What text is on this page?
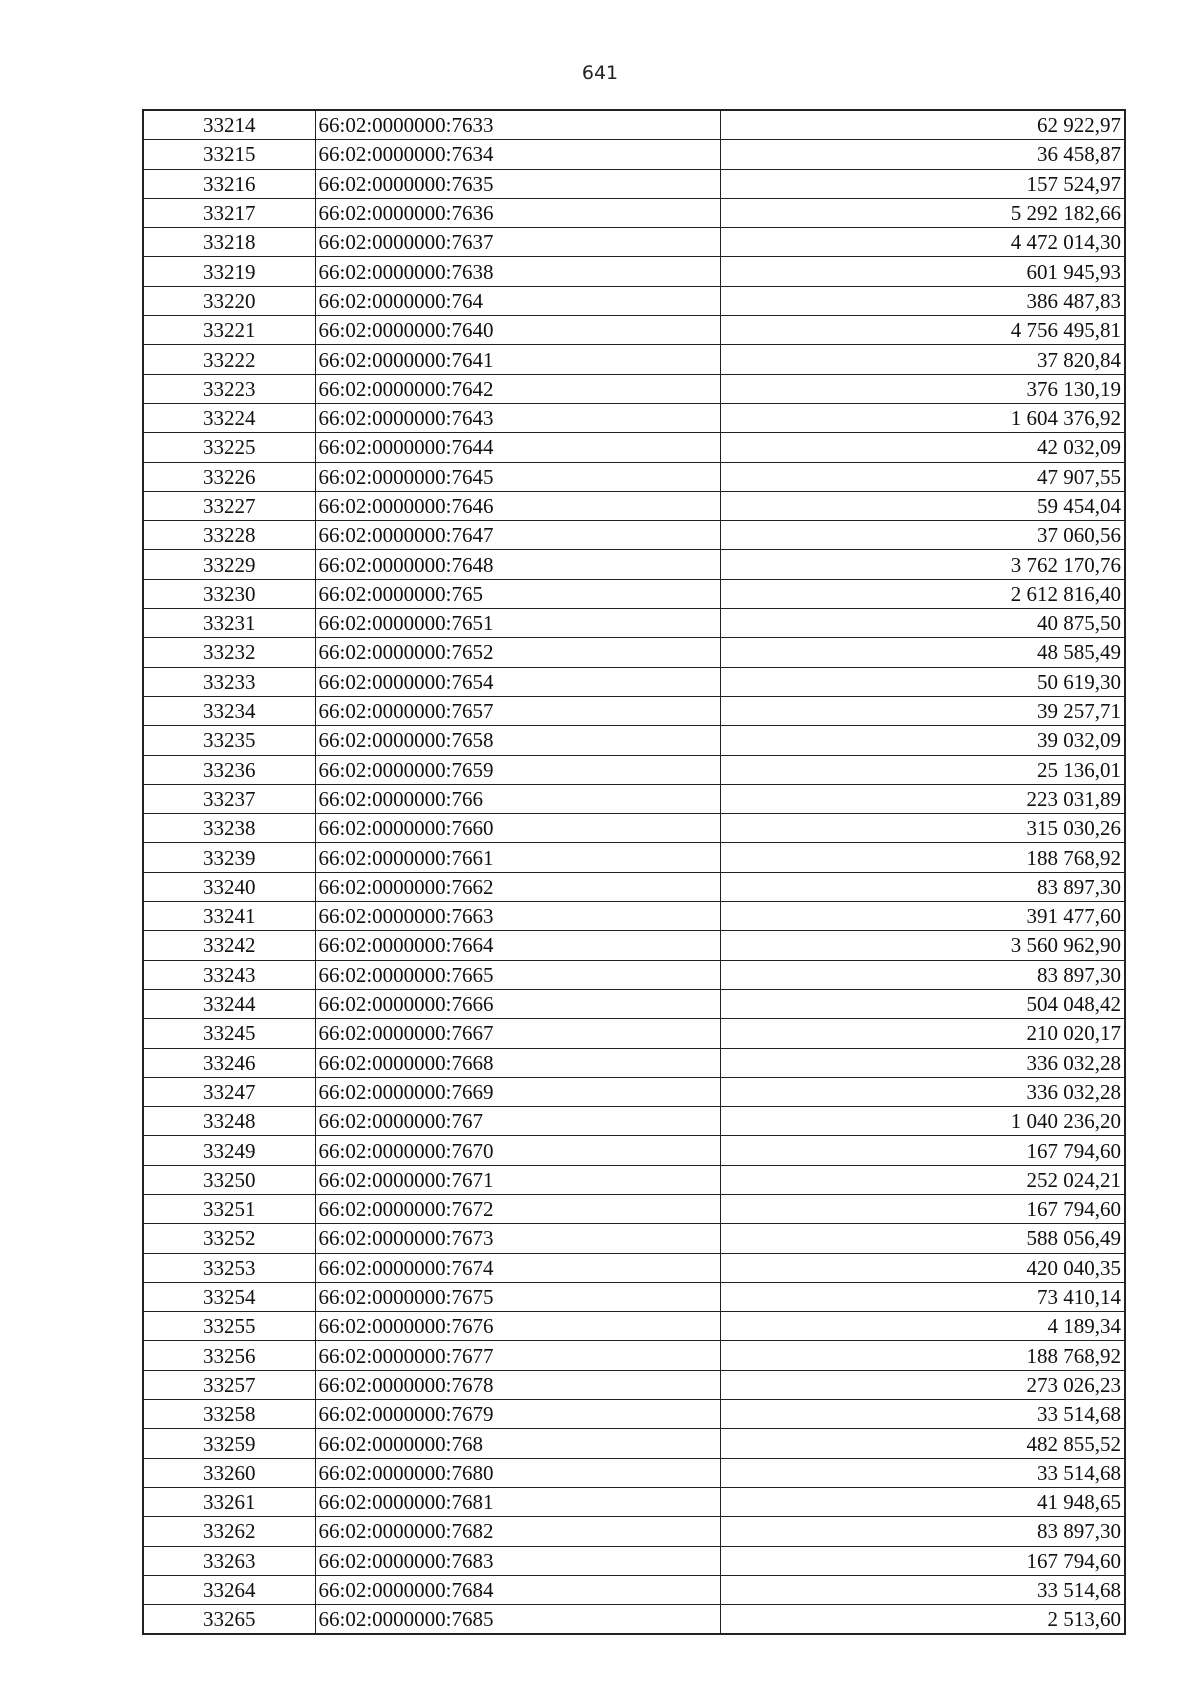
641
33214	66:02:0000000:7633	62 922,97
33215	66:02:0000000:7634	36 458,87
33216	66:02:0000000:7635	157 524,97
33217	66:02:0000000:7636	5 292 182,66
33218	66:02:0000000:7637	4 472 014,30
33219	66:02:0000000:7638	601 945,93
33220	66:02:0000000:764	386 487,83
33221	66:02:0000000:7640	4 756 495,81
33222	66:02:0000000:7641	37 820,84
33223	66:02:0000000:7642	376 130,19
33224	66:02:0000000:7643	1 604 376,92
33225	66:02:0000000:7644	42 032,09
33226	66:02:0000000:7645	47 907,55
33227	66:02:0000000:7646	59 454,04
33228	66:02:0000000:7647	37 060,56
33229	66:02:0000000:7648	3 762 170,76
33230	66:02:0000000:765	2 612 816,40
33231	66:02:0000000:7651	40 875,50
33232	66:02:0000000:7652	48 585,49
33233	66:02:0000000:7654	50 619,30
33234	66:02:0000000:7657	39 257,71
33235	66:02:0000000:7658	39 032,09
33236	66:02:0000000:7659	25 136,01
33237	66:02:0000000:766	223 031,89
33238	66:02:0000000:7660	315 030,26
33239	66:02:0000000:7661	188 768,92
33240	66:02:0000000:7662	83 897,30
33241	66:02:0000000:7663	391 477,60
33242	66:02:0000000:7664	3 560 962,90
33243	66:02:0000000:7665	83 897,30
33244	66:02:0000000:7666	504 048,42
33245	66:02:0000000:7667	210 020,17
33246	66:02:0000000:7668	336 032,28
33247	66:02:0000000:7669	336 032,28
33248	66:02:0000000:767	1 040 236,20
33249	66:02:0000000:7670	167 794,60
33250	66:02:0000000:7671	252 024,21
33251	66:02:0000000:7672	167 794,60
33252	66:02:0000000:7673	588 056,49
33253	66:02:0000000:7674	420 040,35
33254	66:02:0000000:7675	73 410,14
33255	66:02:0000000:7676	4 189,34
33256	66:02:0000000:7677	188 768,92
33257	66:02:0000000:7678	273 026,23
33258	66:02:0000000:7679	33 514,68
33259	66:02:0000000:768	482 855,52
33260	66:02:0000000:7680	33 514,68
33261	66:02:0000000:7681	41 948,65
33262	66:02:0000000:7682	83 897,30
33263	66:02:0000000:7683	167 794,60
33264	66:02:0000000:7684	33 514,68
33265	66:02:0000000:7685	2 513,60
